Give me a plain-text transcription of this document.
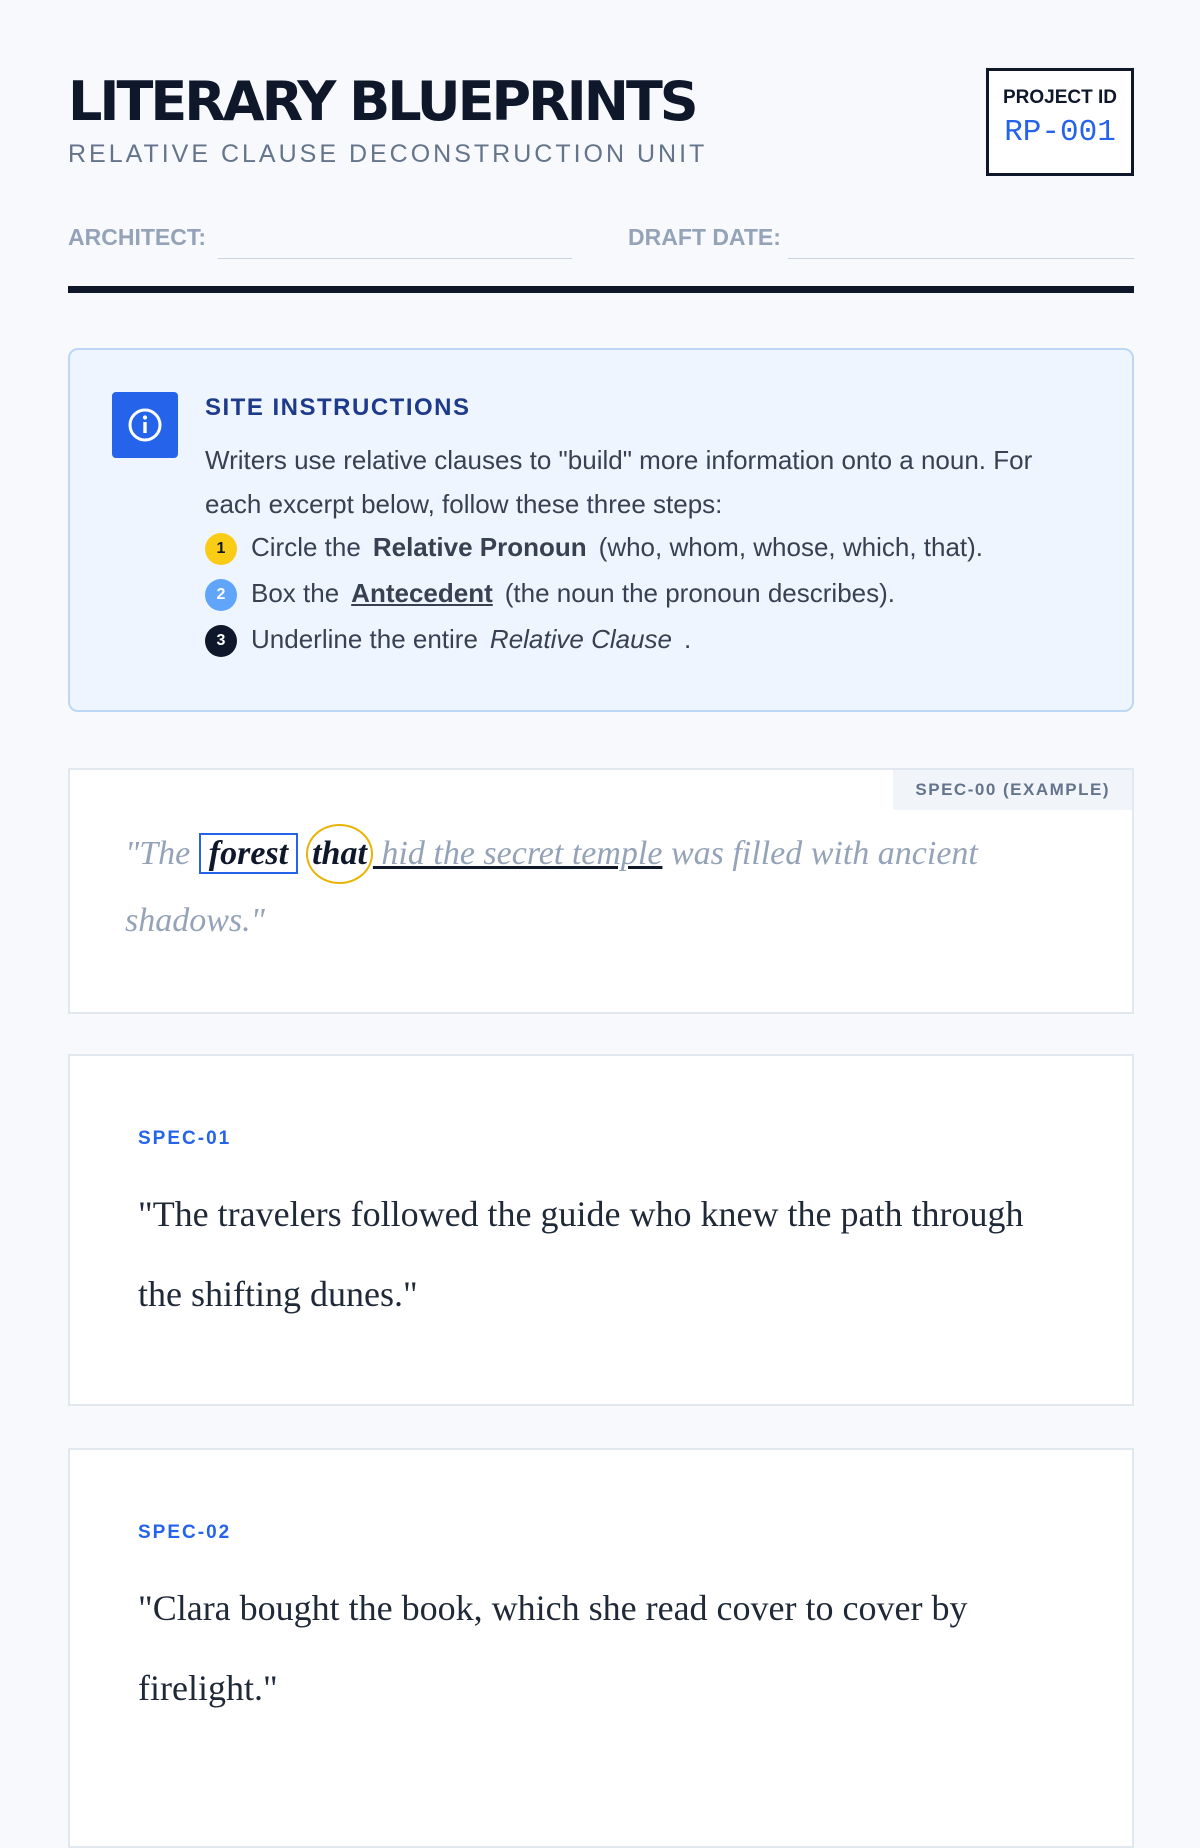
LITERARY BLUEPRINTS
RELATIVE CLAUSE DECONSTRUCTION UNIT
PROJECT ID
RP-001
ARCHITECT:	DRAFT DATE:
SITE INSTRUCTIONS
Writers use relative clauses to "build" more information onto a noun. For each excerpt below, follow these three steps:
1 Circle the Relative Pronoun (who, whom, whose, which, that).
2 Box the Antecedent (the noun the pronoun describes).
3 Underline the entire Relative Clause .
SPEC-00 (EXAMPLE)
"The forest that hid the secret temple was filled with ancient shadows."
SPEC-01
"The travelers followed the guide who knew the path through the shifting dunes."
SPEC-02
"Clara bought the book, which she read cover to cover by firelight."
